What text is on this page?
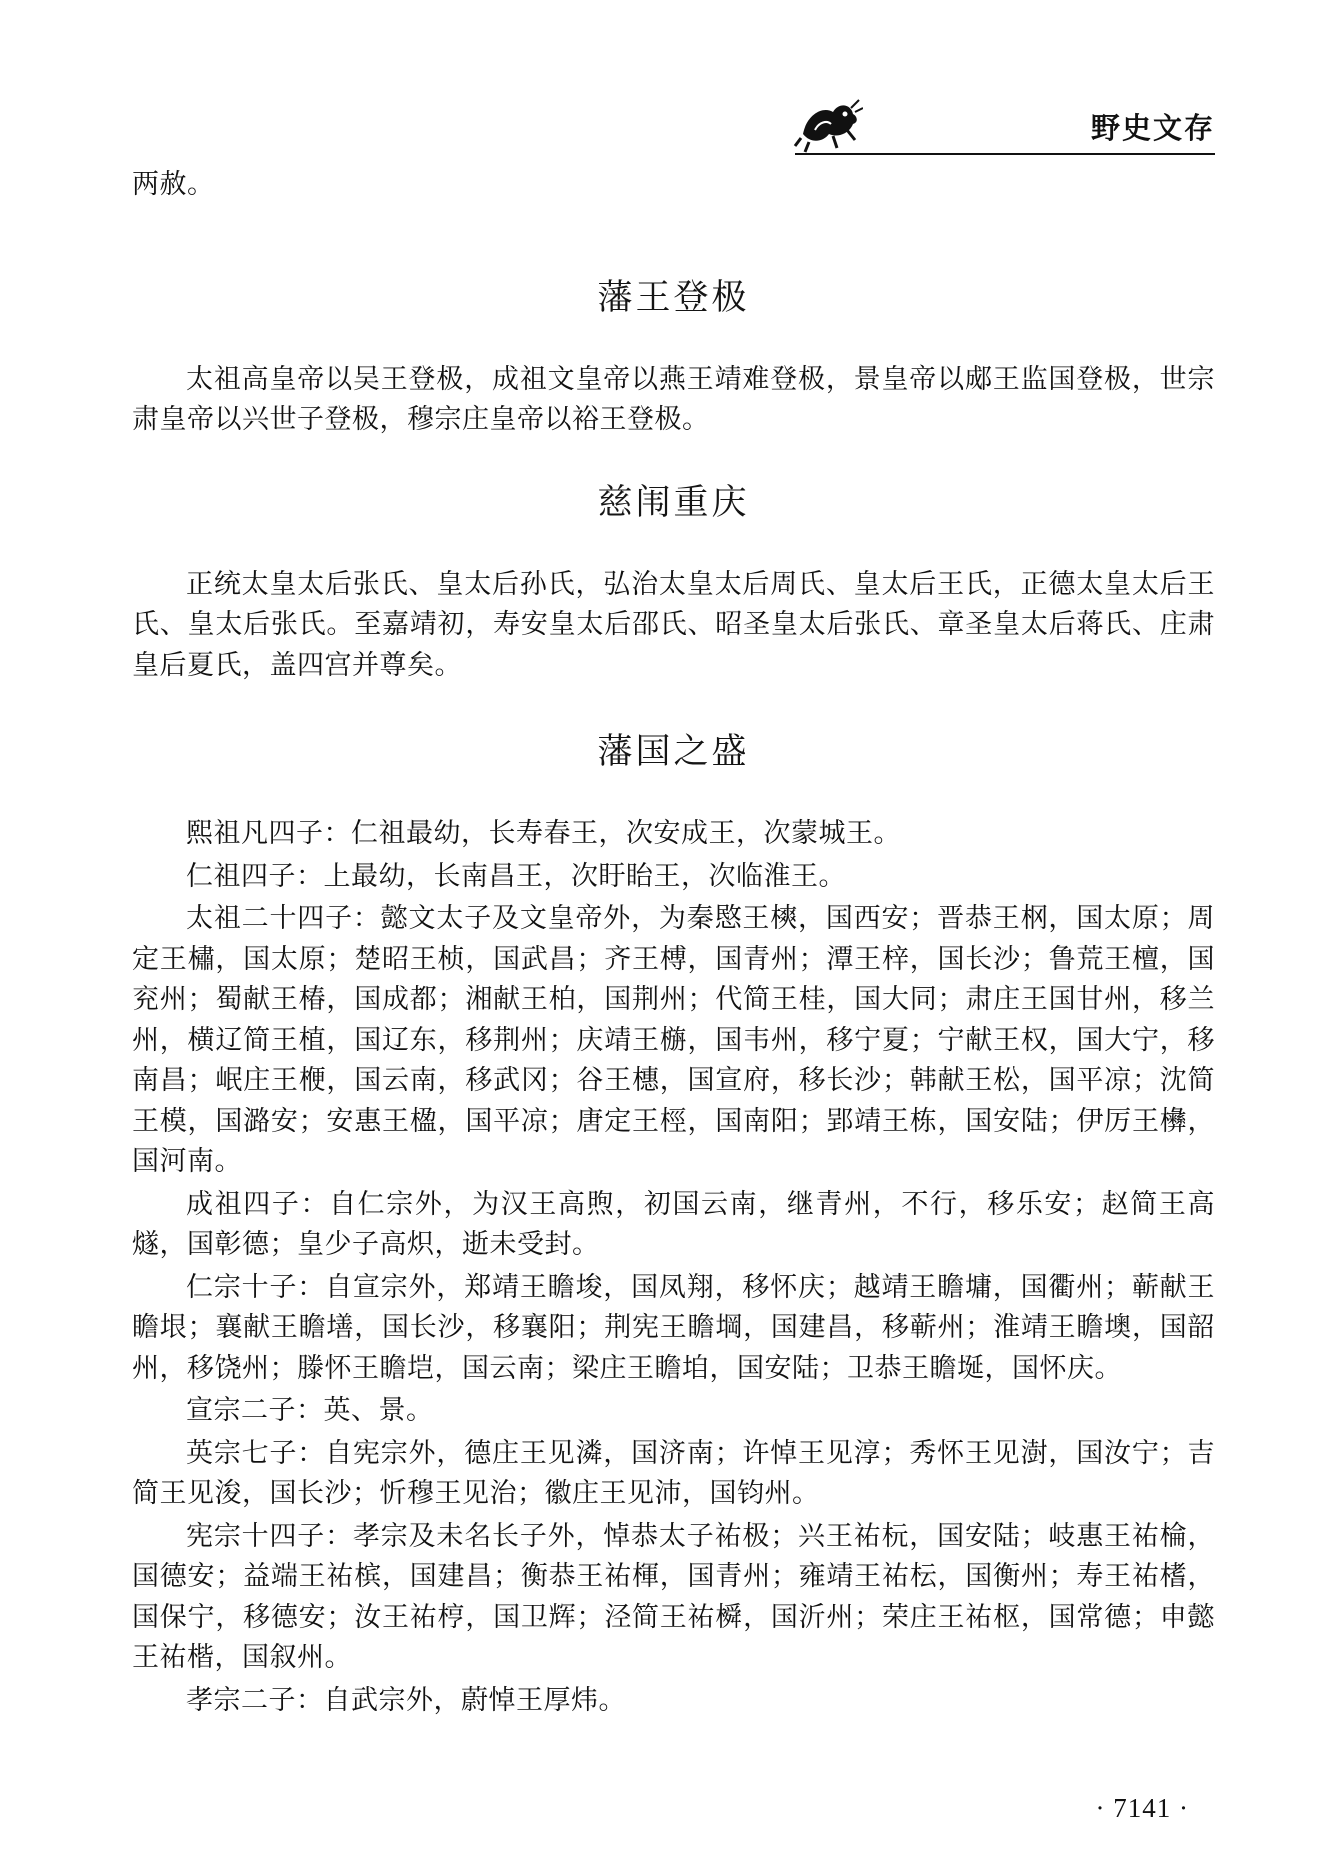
野史文存

两赦。

藩王登极

太祖高皇帝以吴王登极，成祖文皇帝以燕王靖难登极，景皇帝以郕王监国登极，世宗肃皇帝以兴世子登极，穆宗庄皇帝以裕王登极。

慈闱重庆

正统太皇太后张氏、皇太后孙氏，弘治太皇太后周氏、皇太后王氏，正德太皇太后王氏、皇太后张氏。至嘉靖初，寿安皇太后邵氏、昭圣皇太后张氏、章圣皇太后蒋氏、庄肃皇后夏氏，盖四宫并尊矣。

藩国之盛

熙祖凡四子：仁祖最幼，长寿春王，次安成王，次蒙城王。

仁祖四子：上最幼，长南昌王，次盱眙王，次临淮王。

太祖二十四子：懿文太子及文皇帝外，为秦愍王樉，国西安；晋恭王㭎，国太原；周定王橚，国太原；楚昭王桢，国武昌；齐王榑，国青州；潭王梓，国长沙；鲁荒王檀，国兖州；蜀献王椿，国成都；湘献王柏，国荆州；代简王桂，国大同；肃庄王国甘州，移兰州，横辽简王植，国辽东，移荆州；庆靖王㮵，国韦州，移宁夏；宁献王权，国大宁，移南昌；岷庄王楩，国云南，移武冈；谷王橞，国宣府，移长沙；韩献王松，国平凉；沈简王模，国潞安；安惠王楹，国平凉；唐定王桱，国南阳；郢靖王栋，国安陆；伊厉王㰘，国河南。

成祖四子：自仁宗外，为汉王高煦，初国云南，继青州，不行，移乐安；赵简王高燧，国彰德；皇少子高炽，逝未受封。

仁宗十子：自宣宗外，郑靖王瞻埈，国凤翔，移怀庆；越靖王瞻墉，国衢州；蕲献王瞻垠；襄献王瞻墡，国长沙，移襄阳；荆宪王瞻堈，国建昌，移蕲州；淮靖王瞻墺，国韶州，移饶州；滕怀王瞻垲，国云南；梁庄王瞻垍，国安陆；卫恭王瞻埏，国怀庆。

宣宗二子：英、景。

英宗七子：自宪宗外，德庄王见潾，国济南；许悼王见淳；秀怀王见澍，国汝宁；吉简王见浚，国长沙；忻穆王见治；徽庄王见沛，国钧州。

宪宗十四子：孝宗及未名长子外，悼恭太子祐极；兴王祐杬，国安陆；岐惠王祐棆，国德安；益端王祐槟，国建昌；衡恭王祐楎，国青州；雍靖王祐枟，国衡州；寿王祐榰，国保宁，移德安；汝王祐梈，国卫辉；泾简王祐橓，国沂州；荣庄王祐枢，国常德；申懿王祐楷，国叙州。

孝宗二子：自武宗外，蔚悼王厚炜。

· 7141 ·
